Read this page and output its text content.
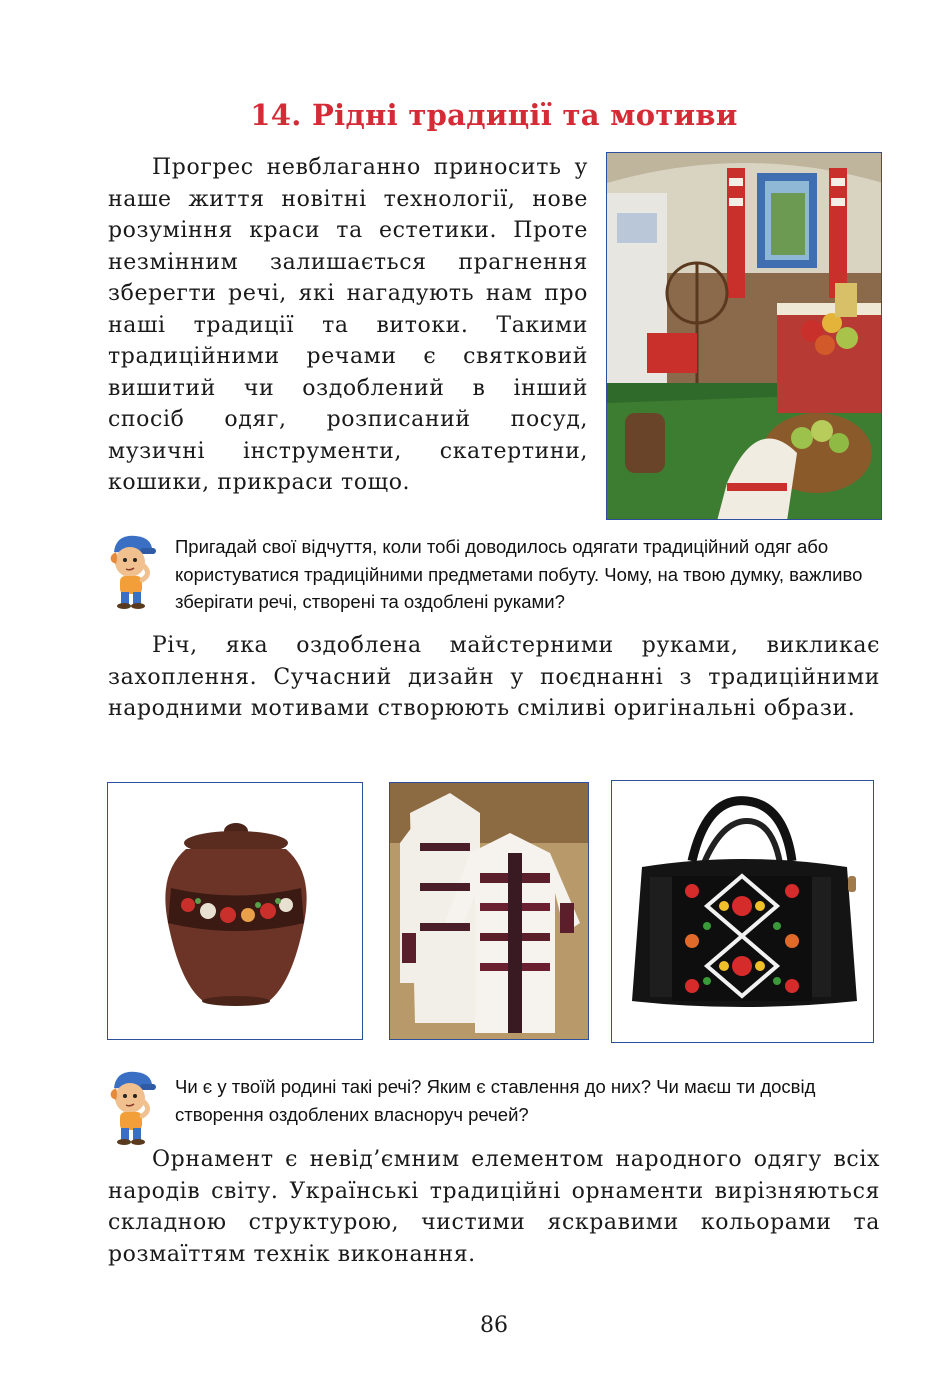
14. Рідні традиції та мотиви
Прогрес невблаганно приносить у наше життя новітні технології, нове розуміння краси та естетики. Проте незмінним залишається прагнення зберегти речі, які нагадують нам про наші традиції та витоки. Такими традиційними речами є святковий вишитий чи оздоблений в інший спосіб одяг, розписаний посуд, музичні інструменти, скатертини, кошики, прикраси тощо.
Пригадай свої відчуття, коли тобі доводилось одягати традиційний одяг або користуватися традиційними предметами побуту. Чому, на твою думку, важливо зберігати речі, створені та оздоблені руками?
Річ, яка оздоблена майстерними руками, викликає захоплення. Сучасний дизайн у поєднанні з традиційними народними мотивами створюють сміливі оригінальні образи.
Чи є у твоїй родині такі речі? Яким є ставлення до них? Чи маєш ти досвід створення оздоблених власноруч речей?
Орнамент є невід’ємним елементом народного одягу всіх народів світу. Українські традиційні орнаменти вирізняються складною структурою, чистими яскравими кольорами та розмаїттям технік виконання.
86
